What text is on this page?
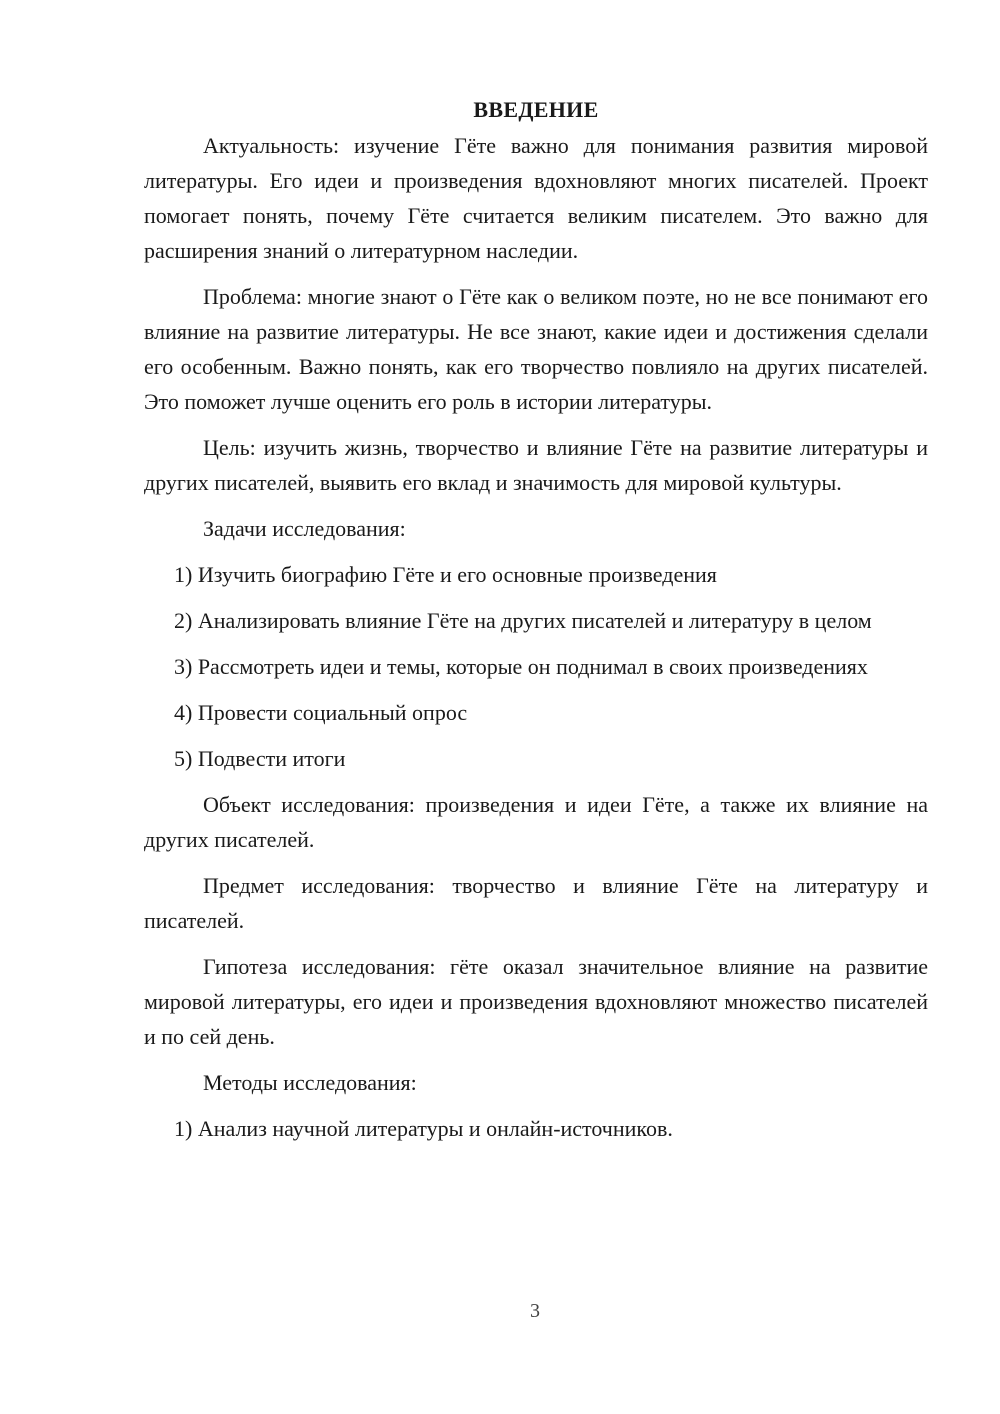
ВВЕДЕНИЕ

Актуальность: изучение Гёте важно для понимания развития мировой литературы. Его идеи и произведения вдохновляют многих писателей. Проект помогает понять, почему Гёте считается великим писателем. Это важно для расширения знаний о литературном наследии.

Проблема: многие знают о Гёте как о великом поэте, но не все понимают его влияние на развитие литературы. Не все знают, какие идеи и достижения сделали его особенным. Важно понять, как его творчество повлияло на других писателей. Это поможет лучше оценить его роль в истории литературы.

Цель: изучить жизнь, творчество и влияние Гёте на развитие литературы и других писателей, выявить его вклад и значимость для мировой культуры.

Задачи исследования:

1) Изучить биографию Гёте и его основные произведения

2) Анализировать влияние Гёте на других писателей и литературу в целом

3) Рассмотреть идеи и темы, которые он поднимал в своих произведениях

4) Провести социальный опрос

5) Подвести итоги

Объект исследования: произведения и идеи Гёте, а также их влияние на других писателей.

Предмет исследования: творчество и влияние Гёте на литературу и писателей.

Гипотеза исследования: гёте оказал значительное влияние на развитие мировой литературы, его идеи и произведения вдохновляют множество писателей и по сей день.

Методы исследования:

1) Анализ научной литературы и онлайн-источников.

3
